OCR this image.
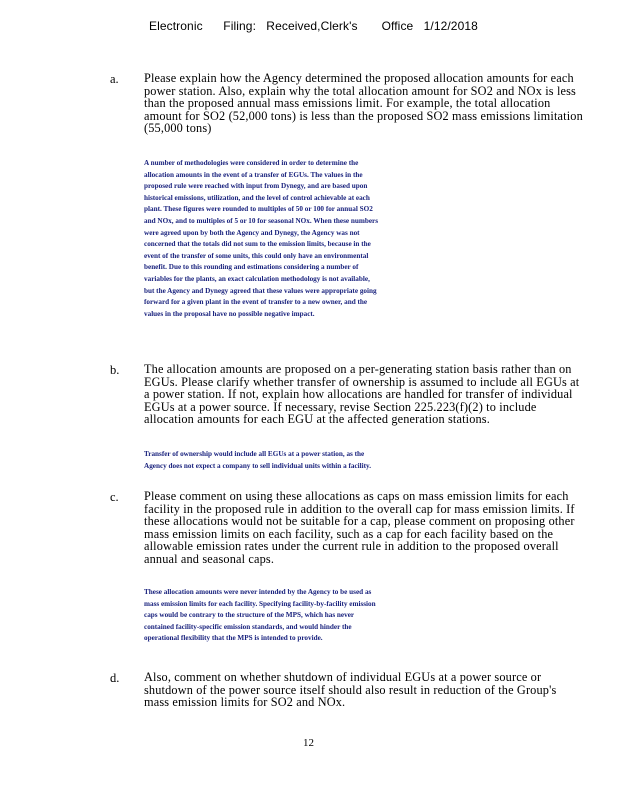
Electronic      Filing:   Received,Clerk's       Office   1/12/2018
a. Please explain how the Agency determined the proposed allocation amounts for each power station. Also, explain why the total allocation amount for SO2 and NOx is less than the proposed annual mass emissions limit. For example, the total allocation amount for SO2 (52,000 tons) is less than the proposed SO2 mass emissions limitation (55,000 tons)
A number of methodologies were considered in order to determine the
allocation amounts in the event of a transfer of EGUs. The values in the
proposed rule were reached with input from Dynegy, and are based upon
historical emissions, utilization, and the level of control achievable at each
plant. These figures were rounded to multiples of 50 or 100 for annual SO2
and NOx, and to multiples of 5 or 10 for seasonal NOx. When these numbers
were agreed upon by both the Agency and Dynegy, the Agency was not
concerned that the totals did not sum to the emission limits, because in the
event of the transfer of some units, this could only have an environmental
benefit. Due to this rounding and estimations considering a number of
variables for the plants, an exact calculation methodology is not available,
but the Agency and Dynegy agreed that these values were appropriate going
forward for a given plant in the event of transfer to a new owner, and the
values in the proposal have no possible negative impact.
b. The allocation amounts are proposed on a per-generating station basis rather than on EGUs. Please clarify whether transfer of ownership is assumed to include all EGUs at a power station. If not, explain how allocations are handled for transfer of individual EGUs at a power source. If necessary, revise Section 225.223(f)(2) to include allocation amounts for each EGU at the affected generation stations.
Transfer of ownership would include all EGUs at a power station, as the
Agency does not expect a company to sell individual units within a facility.
c. Please comment on using these allocations as caps on mass emission limits for each facility in the proposed rule in addition to the overall cap for mass emission limits. If these allocations would not be suitable for a cap, please comment on proposing other mass emission limits on each facility, such as a cap for each facility based on the allowable emission rates under the current rule in addition to the proposed overall annual and seasonal caps.
These allocation amounts were never intended by the Agency to be used as
mass emission limits for each facility. Specifying facility-by-facility emission
caps would be contrary to the structure of the MPS, which has never
contained facility-specific emission standards, and would hinder the
operational flexibility that the MPS is intended to provide.
d. Also, comment on whether shutdown of individual EGUs at a power source or shutdown of the power source itself should also result in reduction of the Group's mass emission limits for SO2 and NOx.
12
